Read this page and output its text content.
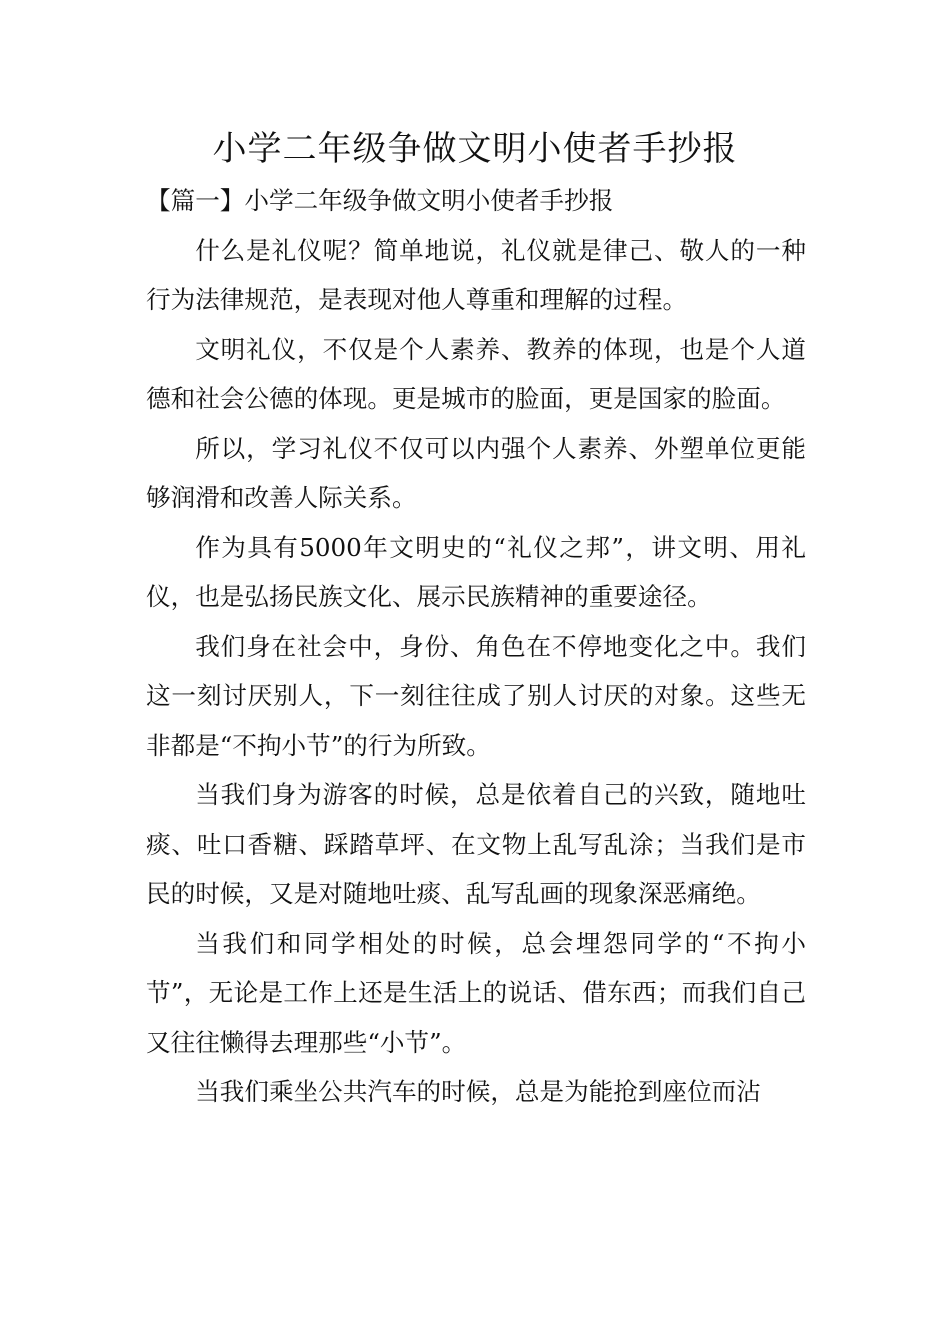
小学二年级争做文明小使者手抄报

【篇一】小学二年级争做文明小使者手抄报

什么是礼仪呢？简单地说，礼仪就是律己、敬人的一种行为法律规范，是表现对他人尊重和理解的过程。

文明礼仪，不仅是个人素养、教养的体现，也是个人道德和社会公德的体现。更是城市的脸面，更是国家的脸面。

所以，学习礼仪不仅可以内强个人素养、外塑单位更能够润滑和改善人际关系。

作为具有5000年文明史的“礼仪之邦”，讲文明、用礼仪，也是弘扬民族文化、展示民族精神的重要途径。

我们身在社会中，身份、角色在不停地变化之中。我们这一刻讨厌别人，下一刻往往成了别人讨厌的对象。这些无非都是“不拘小节”的行为所致。

当我们身为游客的时候，总是依着自己的兴致，随地吐痰、吐口香糖、踩踏草坪、在文物上乱写乱涂；当我们是市民的时候，又是对随地吐痰、乱写乱画的现象深恶痛绝。

当我们和同学相处的时候，总会埋怨同学的“不拘小节”，无论是工作上还是生活上的说话、借东西；而我们自己又往往懒得去理那些“小节”。

当我们乘坐公共汽车的时候，总是为能抢到座位而沾
